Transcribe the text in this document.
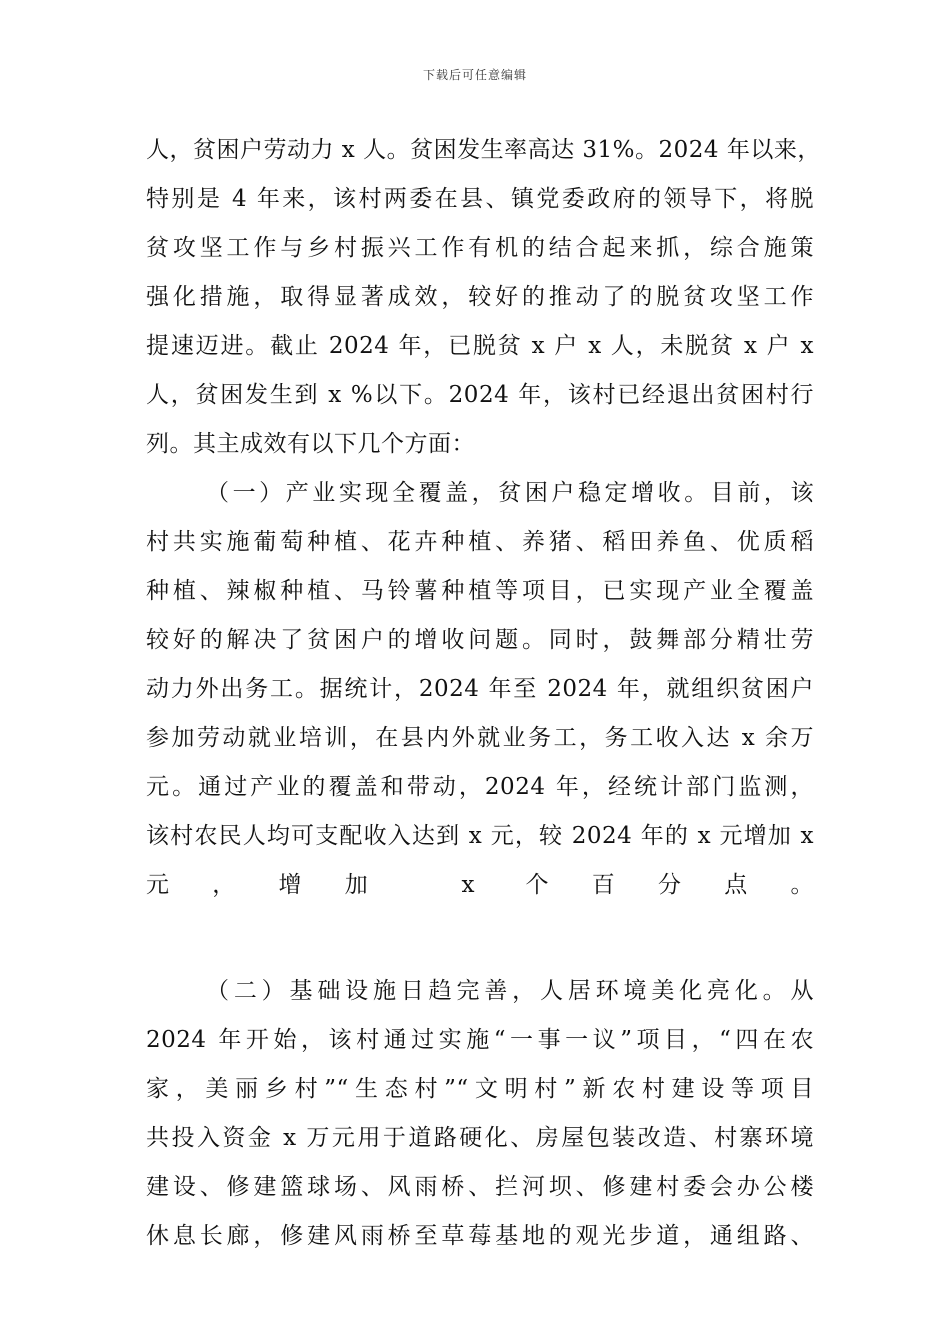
下载后可任意编辑
人，贫困户劳动力 x 人。贫困发生率高达 31%。2024 年以来，
特别是 4 年来，该村两委在县、镇党委政府的领导下，将脱
贫攻坚工作与乡村振兴工作有机的结合起来抓，综合施策
强化措施，取得显著成效，较好的推动了的脱贫攻坚工作
提速迈进。截止 2024 年，已脱贫 x 户 x 人，未脱贫 x 户 x
人，贫困发生到 x %以下。2024 年，该村已经退出贫困村行
列。其主成效有以下几个方面：
（一）产业实现全覆盖，贫困户稳定增收。目前，该
村共实施葡萄种植、花卉种植、养猪、稻田养鱼、优质稻
种植、辣椒种植、马铃薯种植等项目，已实现产业全覆盖
较好的解决了贫困户的增收问题。同时，鼓舞部分精壮劳
动力外出务工。据统计，2024 年至 2024 年，就组织贫困户
参加劳动就业培训，在县内外就业务工，务工收入达 x 余万
元。通过产业的覆盖和带动，2024 年，经统计部门监测，
该村农民人均可支配收入达到 x 元，较 2024 年的 x 元增加 x
元，增加 x 个百分点。
（二）基础设施日趋完善，人居环境美化亮化。从
2024 年开始，该村通过实施“一事一议”项目，“四在农
家，美丽乡村”“生态村”“文明村”新农村建设等项目
共投入资金 x 万元用于道路硬化、房屋包装改造、村寨环境
建设、修建篮球场、风雨桥、拦河坝、修建村委会办公楼
休息长廊，修建风雨桥至草莓基地的观光步道，通组路、
